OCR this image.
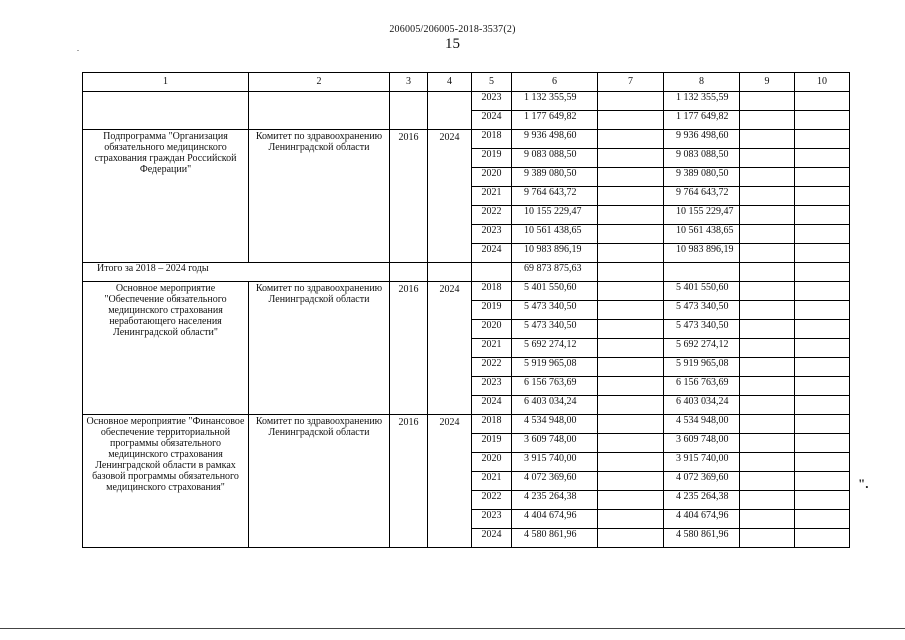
206005/206005-2018-3537(2)
15
.
1	2	3	4	5	6	7	8	9	10
				2023	1 132 355,59		1 132 355,59		
				2024	1 177 649,82		1 177 649,82		
Подпрограмма "Организация обязательного медицинского страхования граждан Российской Федерации"	Комитет по здравоохранению Ленинградской области	2016	2024	2018	9 936 498,60		9 936 498,60		
				2019	9 083 088,50		9 083 088,50		
				2020	9 389 080,50		9 389 080,50		
				2021	9 764 643,72		9 764 643,72		
				2022	10 155 229,47		10 155 229,47		
				2023	10 561 438,65		10 561 438,65		
				2024	10 983 896,19		10 983 896,19		
Итого за 2018 – 2024 годы					69 873 875,63				
Основное мероприятие "Обеспечение обязательного медицинского страхования неработающего населения Ленинградской области"	Комитет по здравоохранению Ленинградской области	2016	2024	2018	5 401 550,60		5 401 550,60		
				2019	5 473 340,50		5 473 340,50		
				2020	5 473 340,50		5 473 340,50		
				2021	5 692 274,12		5 692 274,12		
				2022	5 919 965,08		5 919 965,08		
				2023	6 156 763,69		6 156 763,69		
				2024	6 403 034,24		6 403 034,24		
Основное мероприятие "Финансовое обеспечение территориальной программы обязательного медицинского страхования Ленинградской области в рамках базовой программы обязательного медицинского страхования"	Комитет по здравоохранению Ленинградской области	2016	2024	2018	4 534 948,00		4 534 948,00		
				2019	3 609 748,00		3 609 748,00		
				2020	3 915 740,00		3 915 740,00		
				2021	4 072 369,60		4 072 369,60		
				2022	4 235 264,38		4 235 264,38		
				2023	4 404 674,96		4 404 674,96		
				2024	4 580 861,96		4 580 861,96		
".
